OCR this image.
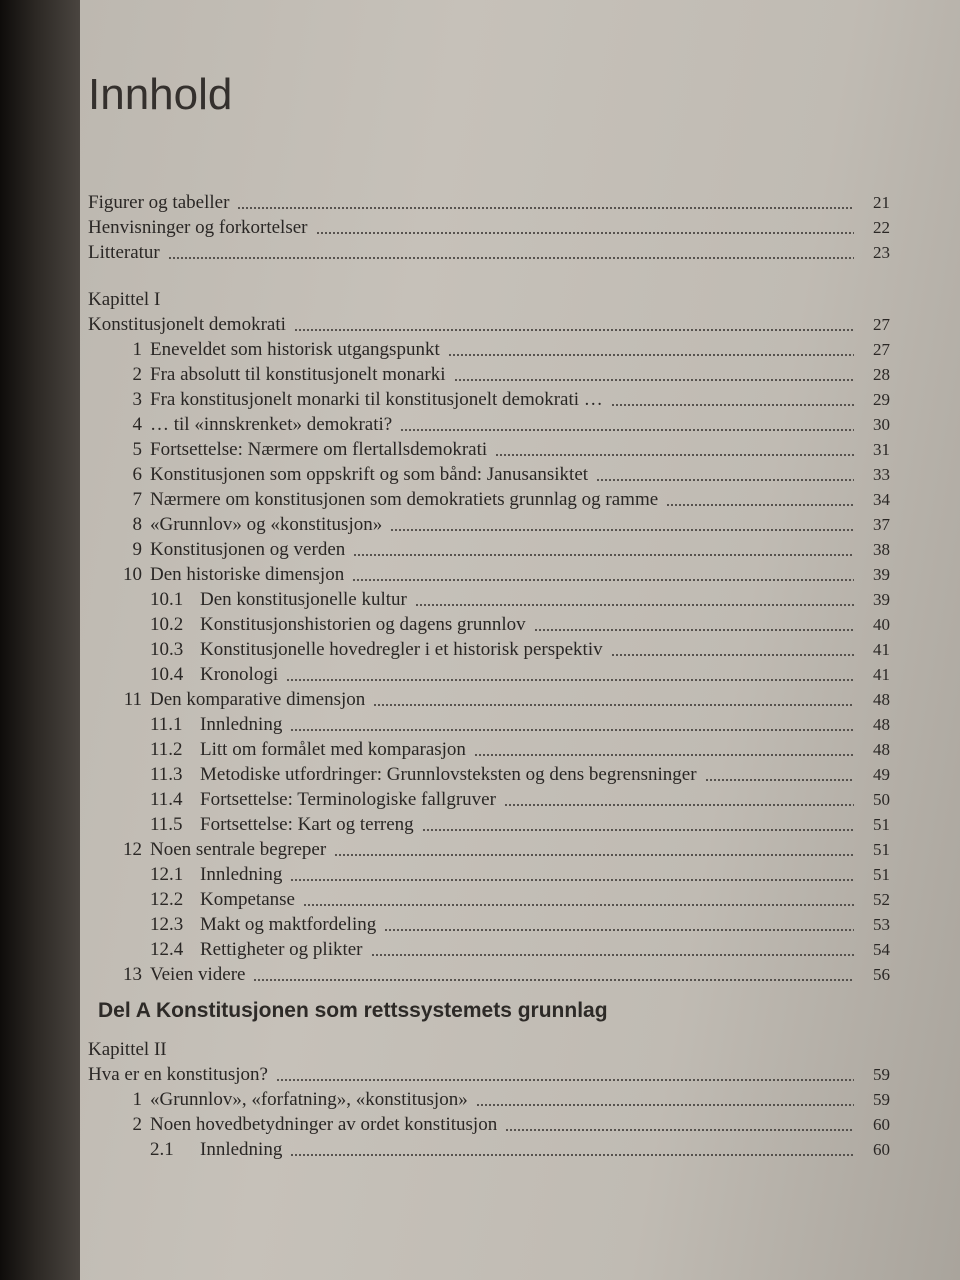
Innhold
Figurer og tabeller	21
Henvisninger og forkortelser	22
Litteratur	23
Kapittel I
Konstitusjonelt demokrati	27
1 Eneveldet som historisk utgangspunkt	27
2 Fra absolutt til konstitusjonelt monarki	28
3 Fra konstitusjonelt monarki til konstitusjonelt demokrati …	29
4 … til «innskrenket» demokrati?	30
5 Fortsettelse: Nærmere om flertallsdemokrati	31
6 Konstitusjonen som oppskrift og som bånd: Janusansiktet	33
7 Nærmere om konstitusjonen som demokratiets grunnlag og ramme	34
8 «Grunnlov» og «konstitusjon»	37
9 Konstitusjonen og verden	38
10 Den historiske dimensjon	39
10.1 Den konstitusjonelle kultur	39
10.2 Konstitusjonshistorien og dagens grunnlov	40
10.3 Konstitusjonelle hovedregler i et historisk perspektiv	41
10.4 Kronologi	41
11 Den komparative dimensjon	48
11.1 Innledning	48
11.2 Litt om formålet med komparasjon	48
11.3 Metodiske utfordringer: Grunnlovsteksten og dens begrensninger	49
11.4 Fortsettelse: Terminologiske fallgruver	50
11.5 Fortsettelse: Kart og terreng	51
12 Noen sentrale begreper	51
12.1 Innledning	51
12.2 Kompetanse	52
12.3 Makt og maktfordeling	53
12.4 Rettigheter og plikter	54
13 Veien videre	56
Del A Konstitusjonen som rettssystemets grunnlag
Kapittel II
Hva er en konstitusjon?	59
1 «Grunnlov», «forfatning», «konstitusjon»	59
2 Noen hovedbetydninger av ordet konstitusjon	60
2.1	Innledning	60
